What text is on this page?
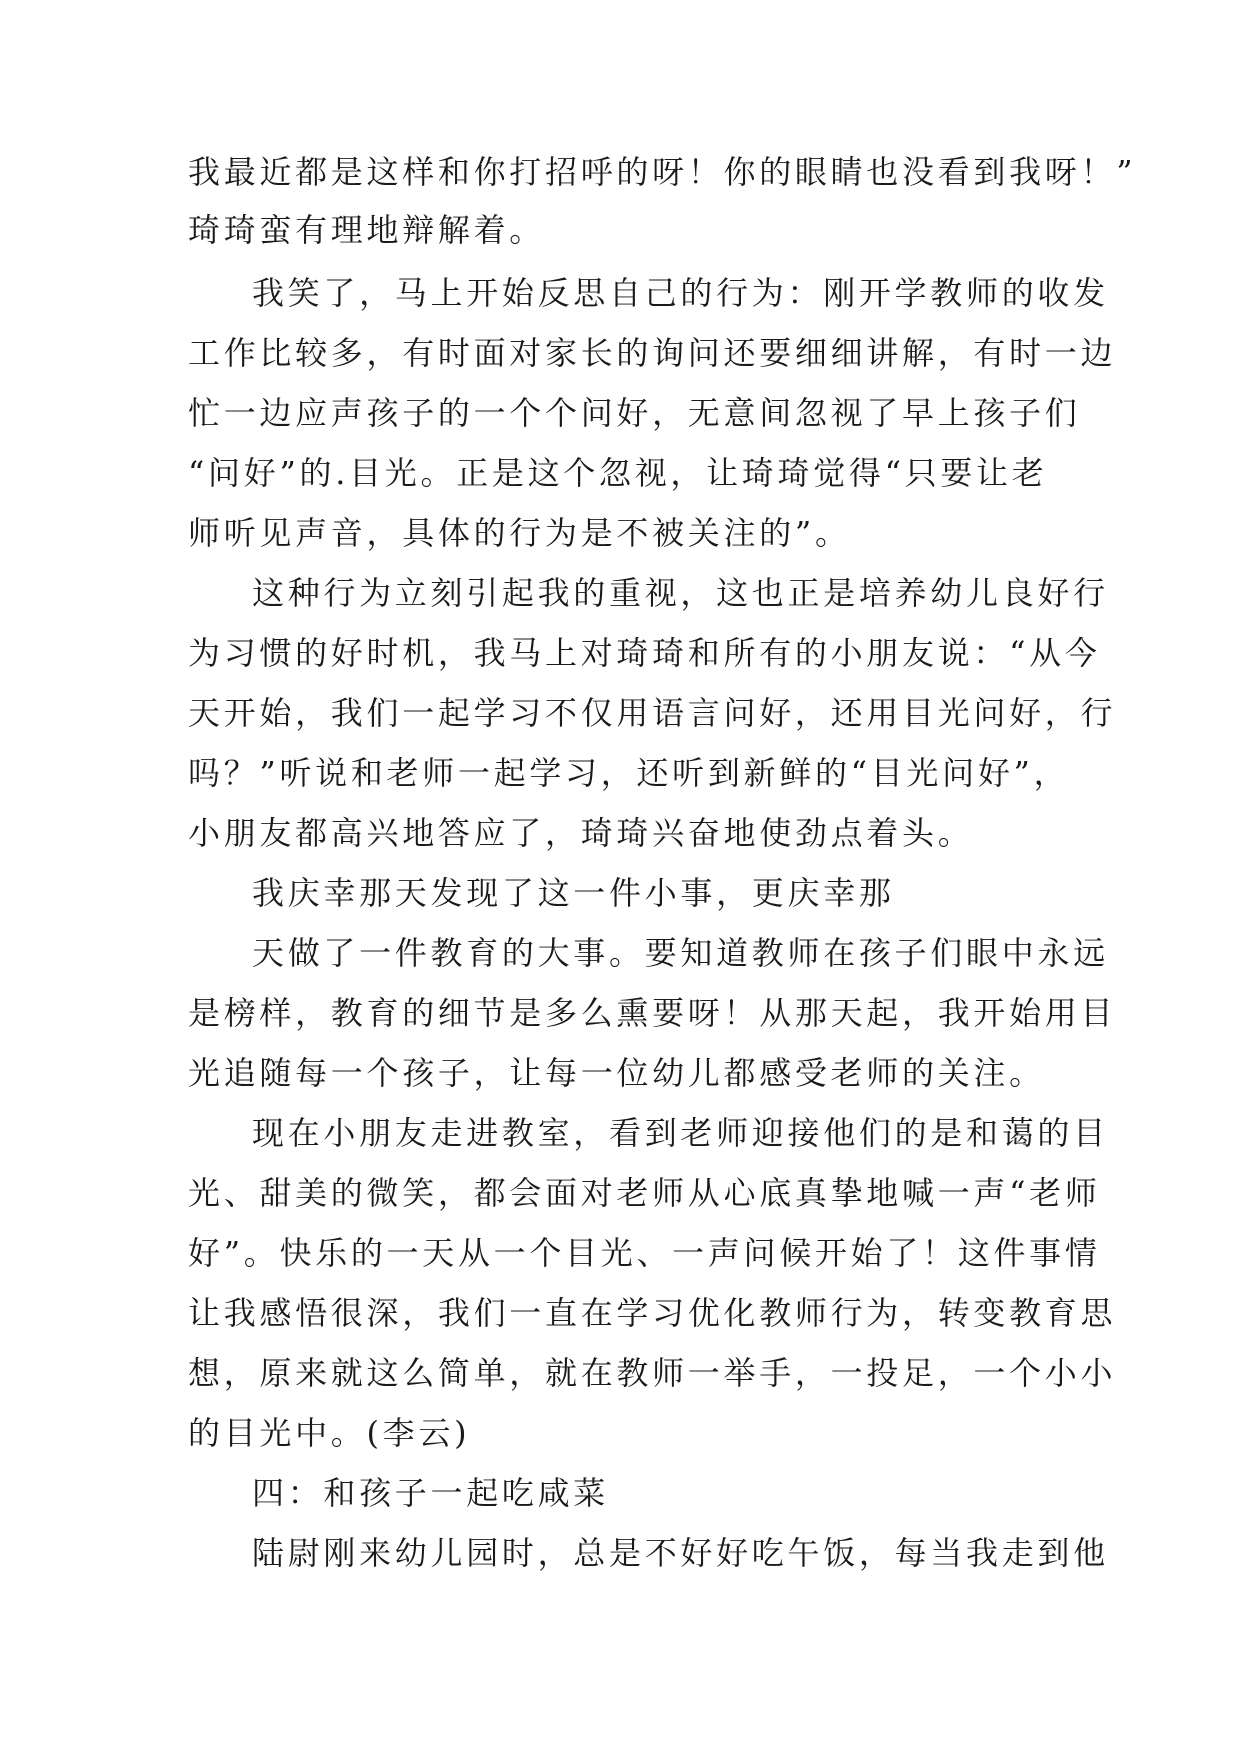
我最近都是这样和你打招呼的呀！你的眼睛也没看到我呀！”
琦琦蛮有理地辩解着。
我笑了，马上开始反思自己的行为：刚开学教师的收发
工作比较多，有时面对家长的询问还要细细讲解，有时一边
忙一边应声孩子的一个个问好，无意间忽视了早上孩子们
“问好”的.目光。正是这个忽视，让琦琦觉得“只要让老
师听见声音，具体的行为是不被关注的”。
这种行为立刻引起我的重视，这也正是培养幼儿良好行
为习惯的好时机，我马上对琦琦和所有的小朋友说：“从今
天开始，我们一起学习不仅用语言问好，还用目光问好，行
吗？”听说和老师一起学习，还听到新鲜的“目光问好”，
小朋友都高兴地答应了，琦琦兴奋地使劲点着头。
我庆幸那天发现了这一件小事，更庆幸那
天做了一件教育的大事。要知道教师在孩子们眼中永远
是榜样，教育的细节是多么熏要呀！从那天起，我开始用目
光追随每一个孩子，让每一位幼儿都感受老师的关注。
现在小朋友走进教室，看到老师迎接他们的是和蔼的目
光、甜美的微笑，都会面对老师从心底真挚地喊一声“老师
好”。快乐的一天从一个目光、一声问候开始了！这件事情
让我感悟很深，我们一直在学习优化教师行为，转变教育思
想，原来就这么简单，就在教师一举手，一投足，一个小小
的目光中。(李云)
四：和孩子一起吃咸菜
陆尉刚来幼儿园时，总是不好好吃午饭，每当我走到他
